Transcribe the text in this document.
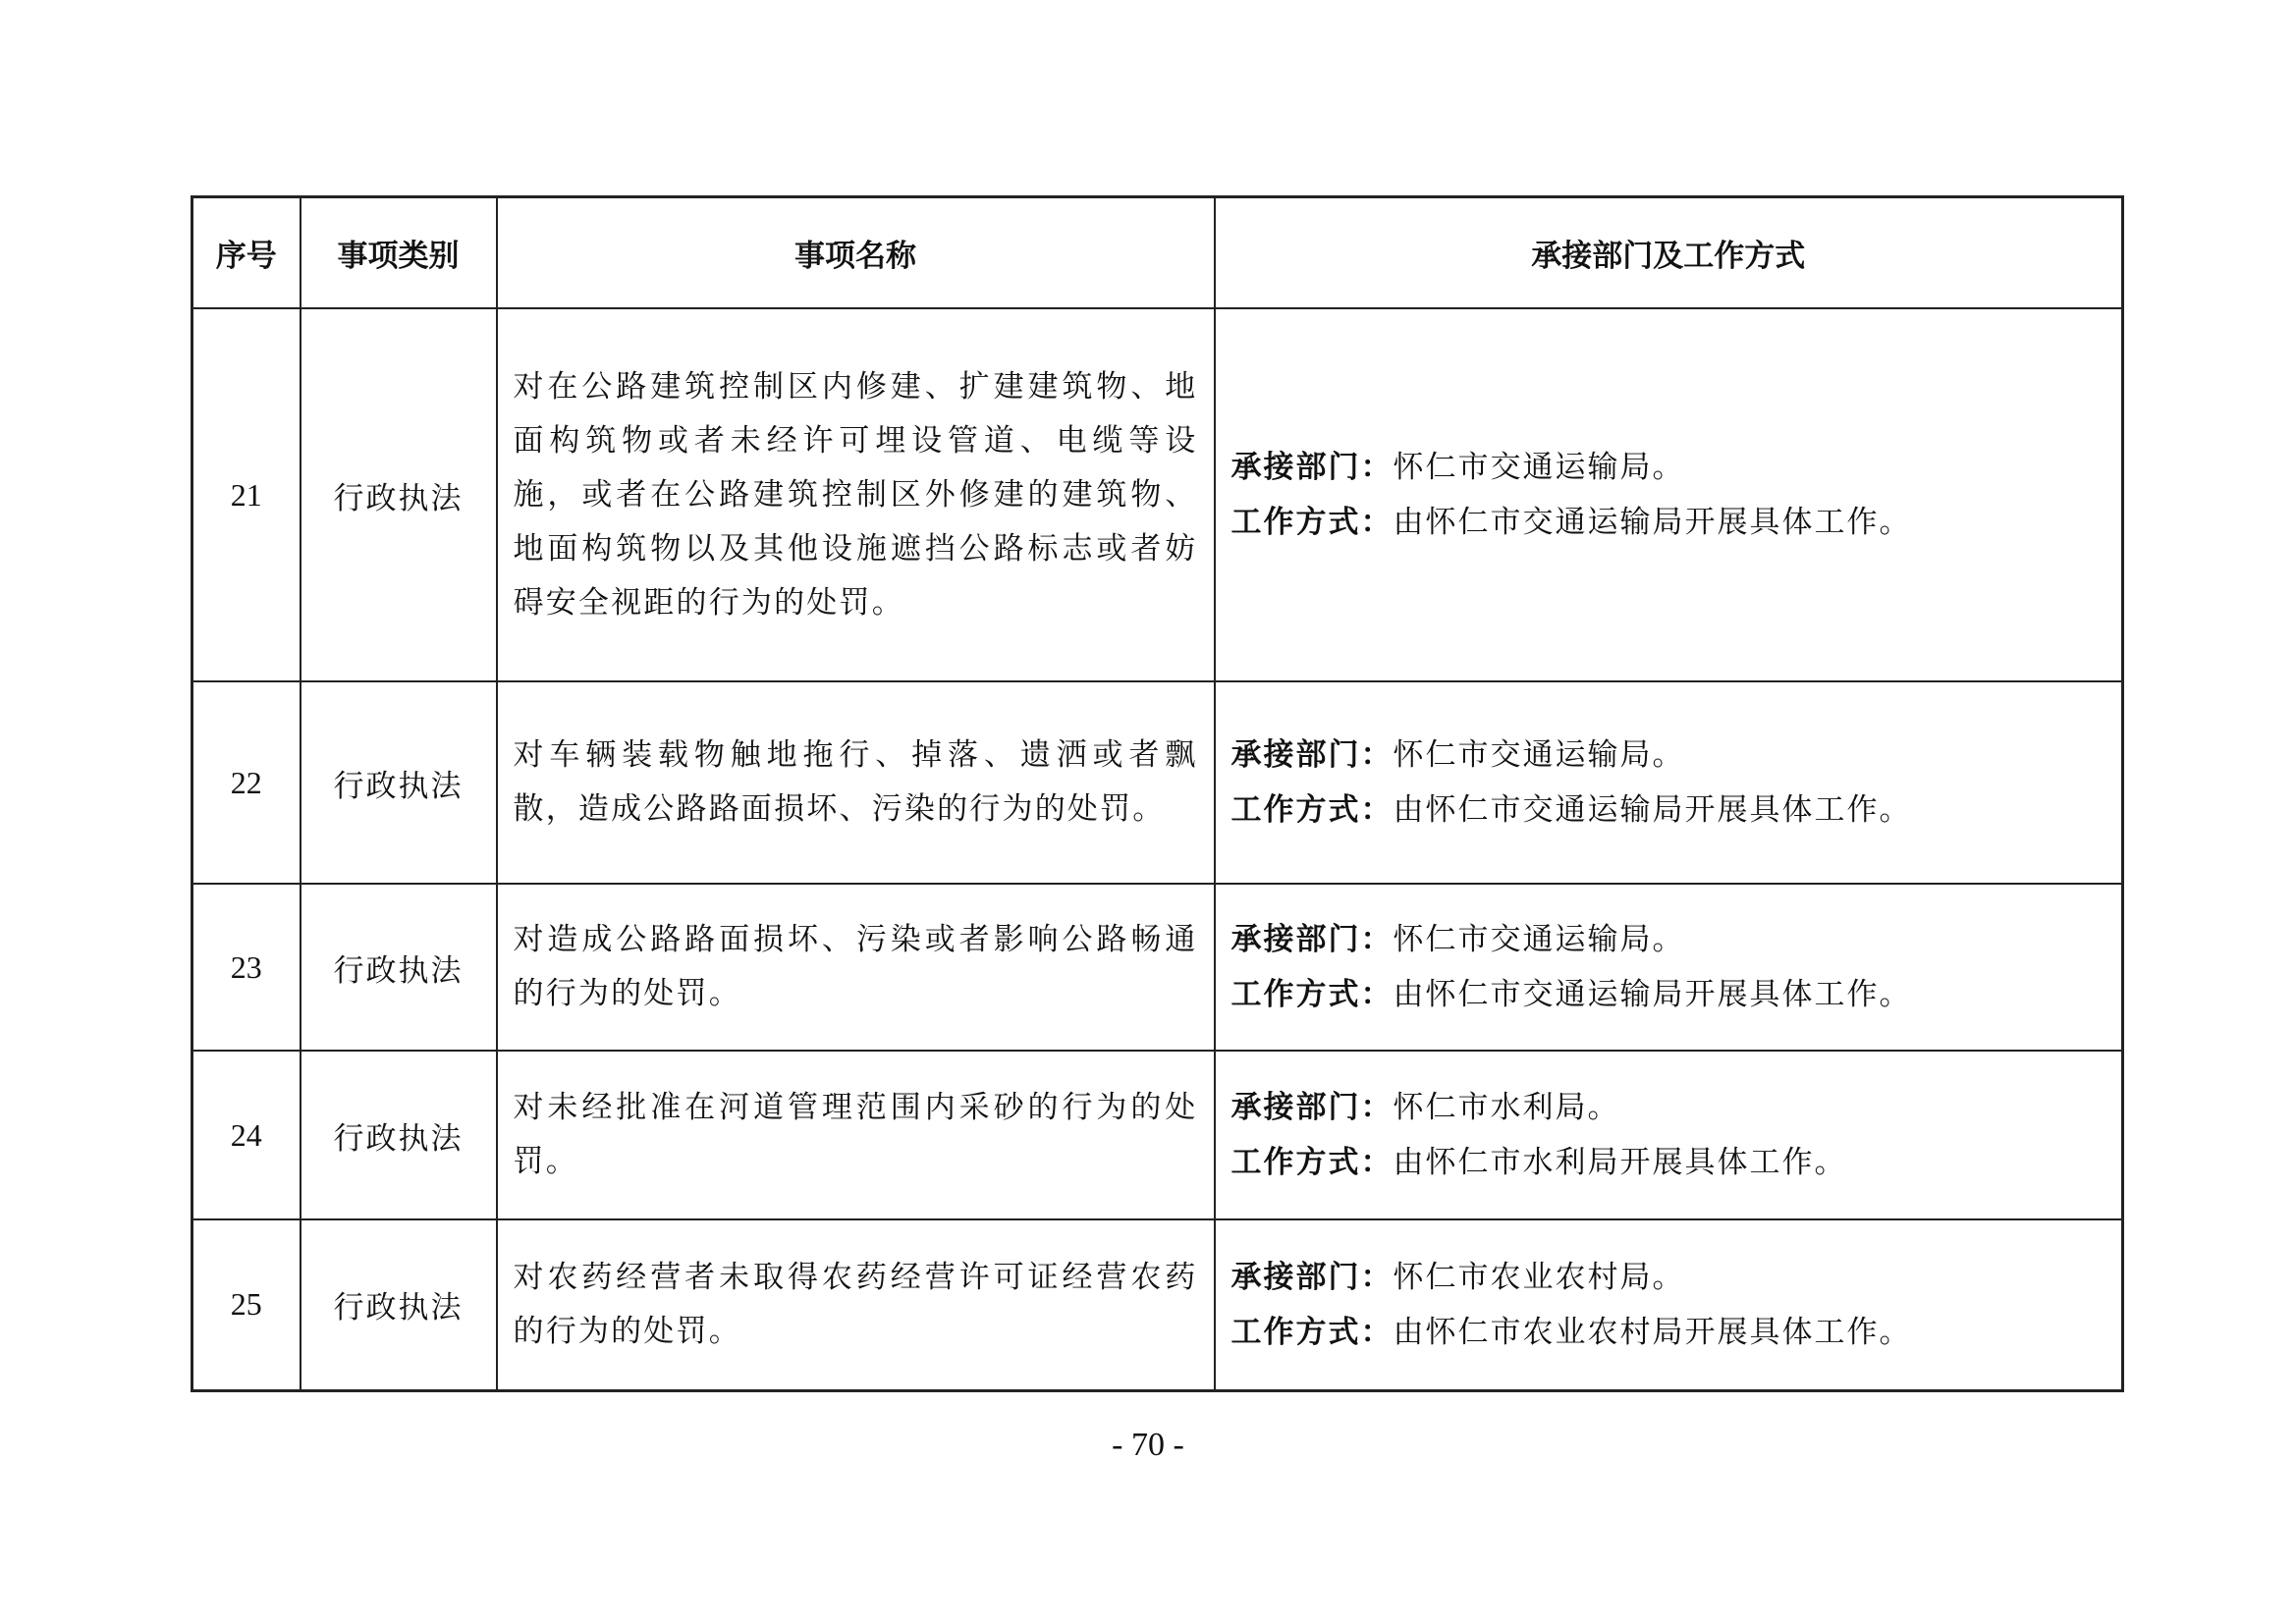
序号	事项类别	事项名称	承接部门及工作方式
21	行政执法	对在公路建筑控制区内修建、扩建建筑物、地面构筑物或者未经许可埋设管道、电缆等设施，或者在公路建筑控制区外修建的建筑物、地面构筑物以及其他设施遮挡公路标志或者妨碍安全视距的行为的处罚。	承接部门：怀仁市交通运输局。
工作方式：由怀仁市交通运输局开展具体工作。

22	行政执法	对车辆装载物触地拖行、掉落、遗洒或者飘散，造成公路路面损坏、污染的行为的处罚。	承接部门：怀仁市交通运输局。
工作方式：由怀仁市交通运输局开展具体工作。

23	行政执法	对造成公路路面损坏、污染或者影响公路畅通的行为的处罚。	承接部门：怀仁市交通运输局。
工作方式：由怀仁市交通运输局开展具体工作。

24	行政执法	对未经批准在河道管理范围内采砂的行为的处罚。	承接部门：怀仁市水利局。
工作方式：由怀仁市水利局开展具体工作。

25	行政执法	对农药经营者未取得农药经营许可证经营农药的行为的处罚。	承接部门：怀仁市农业农村局。
工作方式：由怀仁市农业农村局开展具体工作。
- 70 -
